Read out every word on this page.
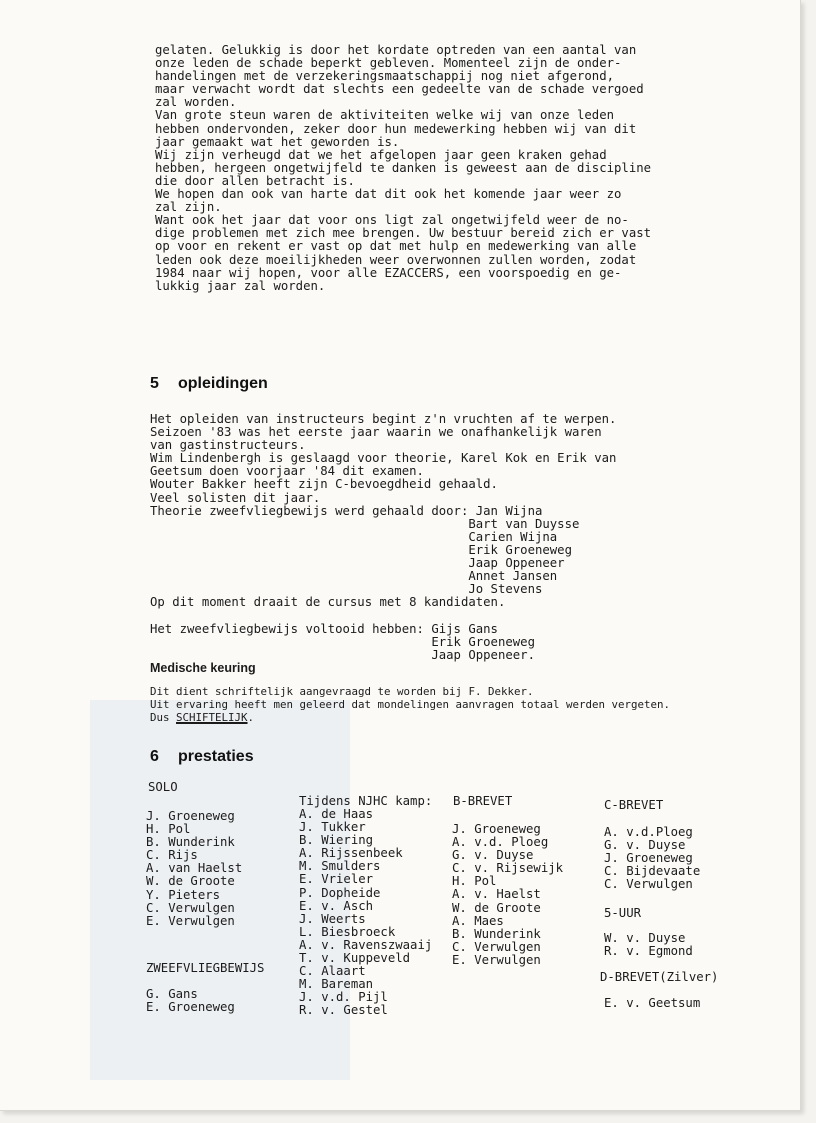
gelaten. Gelukkig is door het kordate optreden van een aantal van
onze leden de schade beperkt gebleven. Momenteel zijn de onder-
handelingen met de verzekeringsmaatschappij nog niet afgerond,
maar verwacht wordt dat slechts een gedeelte van de schade vergoed
zal worden.
Van grote steun waren de aktiviteiten welke wij van onze leden
hebben ondervonden, zeker door hun medewerking hebben wij van dit
jaar gemaakt wat het geworden is.
Wij zijn verheugd dat we het afgelopen jaar geen kraken gehad
hebben, hergeen ongetwijfeld te danken is geweest aan de discipline
die door allen betracht is.
We hopen dan ook van harte dat dit ook het komende jaar weer zo
zal zijn.
Want ook het jaar dat voor ons ligt zal ongetwijfeld weer de no-
dige problemen met zich mee brengen. Uw bestuur bereid zich er vast
op voor en rekent er vast op dat met hulp en medewerking van alle
leden ook deze moeilijkheden weer overwonnen zullen worden, zodat
1984 naar wij hopen, voor alle EZACCERS, een voorspoedig en ge-
lukkig jaar zal worden.
5 opleidingen
Het opleiden van instructeurs begint z'n vruchten af te werpen.
Seizoen '83 was het eerste jaar waarin we onafhankelijk waren
van gastinstructeurs.
Wim Lindenbergh is geslaagd voor theorie, Karel Kok en Erik van
Geetsum doen voorjaar '84 dit examen.
Wouter Bakker heeft zijn C-bevoegdheid gehaald.
Veel solisten dit jaar.
Theorie zweefvliegbewijs werd gehaald door: Jan Wijna
Bart van Duysse
Carien Wijna
Erik Groeneweg
Jaap Oppeneer
Annet Jansen
Jo Stevens
Op dit moment draait de cursus met 8 kandidaten.
Het zweefvliegbewijs voltooid hebben: Gijs Gans
Erik Groeneweg
Jaap Oppeneer.
Medische keuring
Dit dient schriftelijk aangevraagd te worden bij F. Dekker.
Uit ervaring heeft men geleerd dat mondelingen aanvragen totaal werden vergeten.
Dus SCHIFTELIJK.
6 prestaties
SOLO
J. Groeneweg
H. Pol
B. Wunderink
C. Rijs
A. van Haelst
W. de Groote
Y. Pieters
C. Verwulgen
E. Verwulgen
ZWEEFVLIEGBEWIJS
G. Gans
E. Groeneweg
Tijdens NJHC kamp:
A. de Haas
J. Tukker
B. Wiering
A. Rijssenbeek
M. Smulders
E. Vrieler
P. Dopheide
E. v. Asch
J. Weerts
L. Biesbroeck
A. v. Ravenszwaaij
T. v. Kuppeveld
C. Alaart
M. Bareman
J. v.d. Pijl
R. v. Gestel
B-BREVET
J. Groeneweg
A. v.d. Ploeg
G. v. Duyse
C. v. Rijsewijk
H. Pol
A. v. Haelst
W. de Groote
A. Maes
B. Wunderink
C. Verwulgen
E. Verwulgen
C-BREVET
A. v.d.Ploeg
G. v. Duyse
J. Groeneweg
C. Bijdevaate
C. Verwulgen
5-UUR
W. v. Duyse
R. v. Egmond
D-BREVET(Zilver)
E. v. Geetsum
